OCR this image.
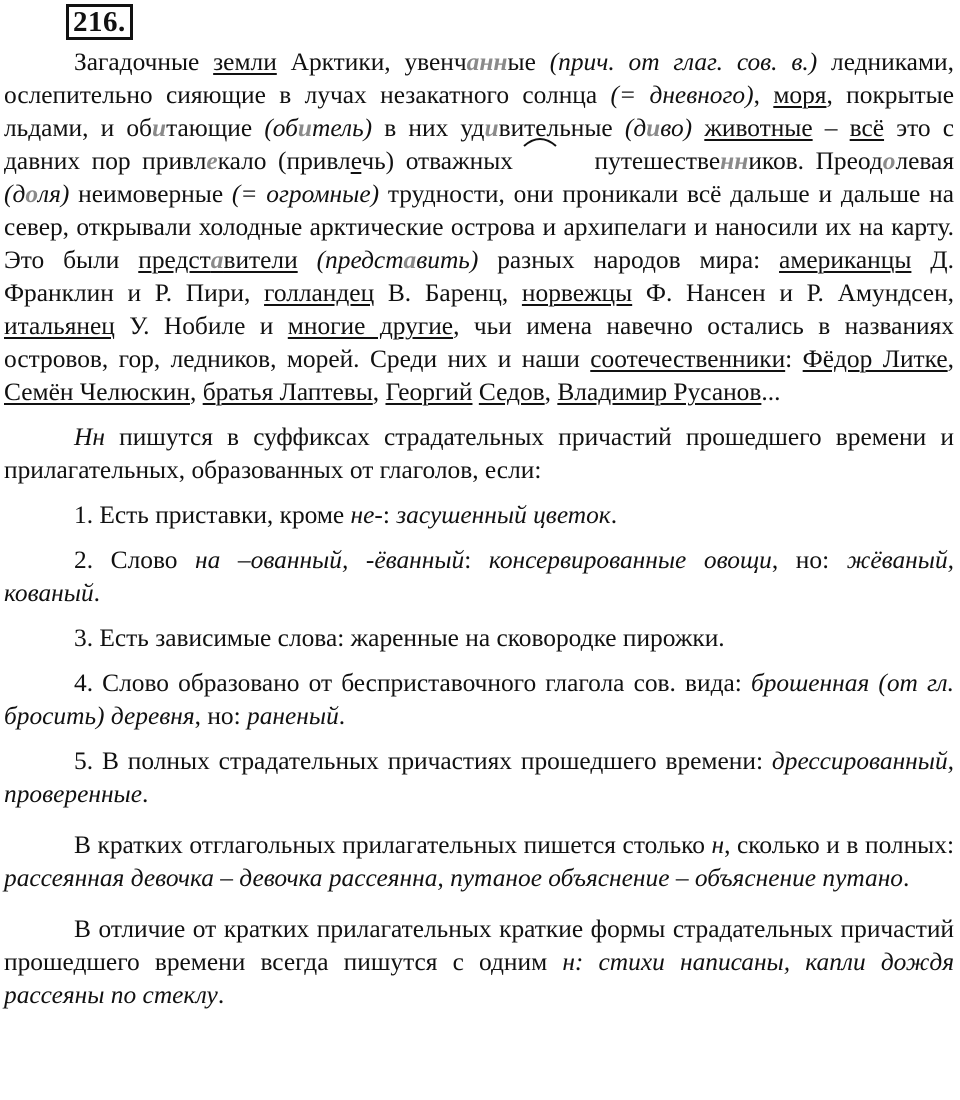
216.

Загадочные земли Арктики, увенчанные (прич. от глаг. сов. в.) ледниками, ослепительно сияющие в лучах незакатного солнца (= дневного), моря, покрытые льдами, и обитающие (обитель) в них удивительные (диво) животные – всё это с давних пор привлекало (привлечь) отважных	путешественников. Преодолевая (доля) неимоверные (= огромные) трудности, они проникали всё дальше и дальше на север, открывали холодные арктические острова и архипелаги и наносили их на карту. Это были представители (представить) разных народов мира: американцы Д. Франклин и Р. Пири, голландец В. Баренц, норвежцы Ф. Нансен и Р. Амундсен, итальянец У. Нобиле и многие другие, чьи имена навечно остались в названиях островов, гор, ледников, морей. Среди них и наши соотечественники: Фёдор Литке, Семён Челюскин, братья Лаптевы, Георгий Седов, Владимир Русанов...

Нн пишутся в суффиксах страдательных причастий прошедшего времени и прилагательных, образованных от глаголов, если:

1. Есть приставки, кроме не-: засушенный цветок.

2. Слово на –ованный, -ёванный: консервированные овощи, но: жёваный, кованый.

3. Есть зависимые слова: жаренные на сковородке пирожки.

4. Слово образовано от бесприставочного глагола сов. вида: брошенная (от гл. бросить) деревня, но: раненый.

5. В полных страдательных причастиях прошедшего времени: дрессированный, проверенные.

В кратких отглагольных прилагательных пишется столько н, сколько и в полных: рассеянная девочка – девочка рассеянна, путаное объяснение – объяснение путано.

В отличие от кратких прилагательных краткие формы страдательных причастий прошедшего времени всегда пишутся с одним н: стихи написаны, капли дождя рассеяны по стеклу.
